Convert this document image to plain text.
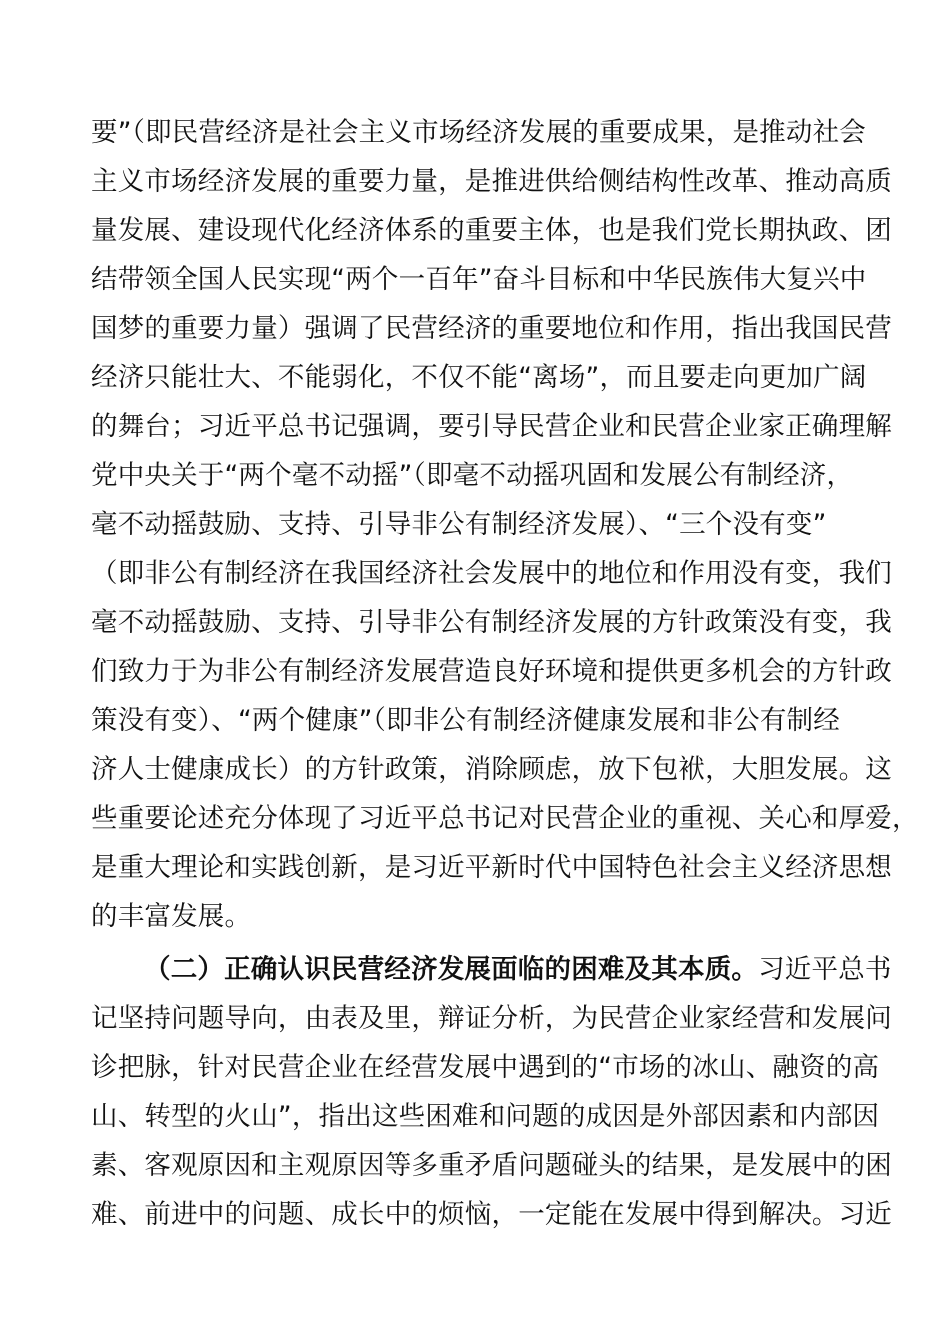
要”（即民营经济是社会主义市场经济发展的重要成果，是推动社会
主义市场经济发展的重要力量，是推进供给侧结构性改革、推动高质
量发展、建设现代化经济体系的重要主体，也是我们党长期执政、团
结带领全国人民实现“两个一百年”奋斗目标和中华民族伟大复兴中
国梦的重要力量）强调了民营经济的重要地位和作用，指出我国民营
经济只能壮大、不能弱化，不仅不能“离场”，而且要走向更加广阔
的舞台；习近平总书记强调，要引导民营企业和民营企业家正确理解
党中央关于“两个毫不动摇”（即毫不动摇巩固和发展公有制经济，
毫不动摇鼓励、支持、引导非公有制经济发展）、“三个没有变”
（即非公有制经济在我国经济社会发展中的地位和作用没有变，我们
毫不动摇鼓励、支持、引导非公有制经济发展的方针政策没有变，我
们致力于为非公有制经济发展营造良好环境和提供更多机会的方针政
策没有变）、“两个健康”（即非公有制经济健康发展和非公有制经
济人士健康成长）的方针政策，消除顾虑，放下包袱，大胆发展。这
些重要论述充分体现了习近平总书记对民营企业的重视、关心和厚爱，
是重大理论和实践创新，是习近平新时代中国特色社会主义经济思想
的丰富发展。
（二）正确认识民营经济发展面临的困难及其本质。习近平总书
记坚持问题导向，由表及里，辩证分析，为民营企业家经营和发展问
诊把脉，针对民营企业在经营发展中遇到的“市场的冰山、融资的高
山、转型的火山”，指出这些困难和问题的成因是外部因素和内部因
素、客观原因和主观原因等多重矛盾问题碰头的结果，是发展中的困
难、前进中的问题、成长中的烦恼，一定能在发展中得到解决。习近
